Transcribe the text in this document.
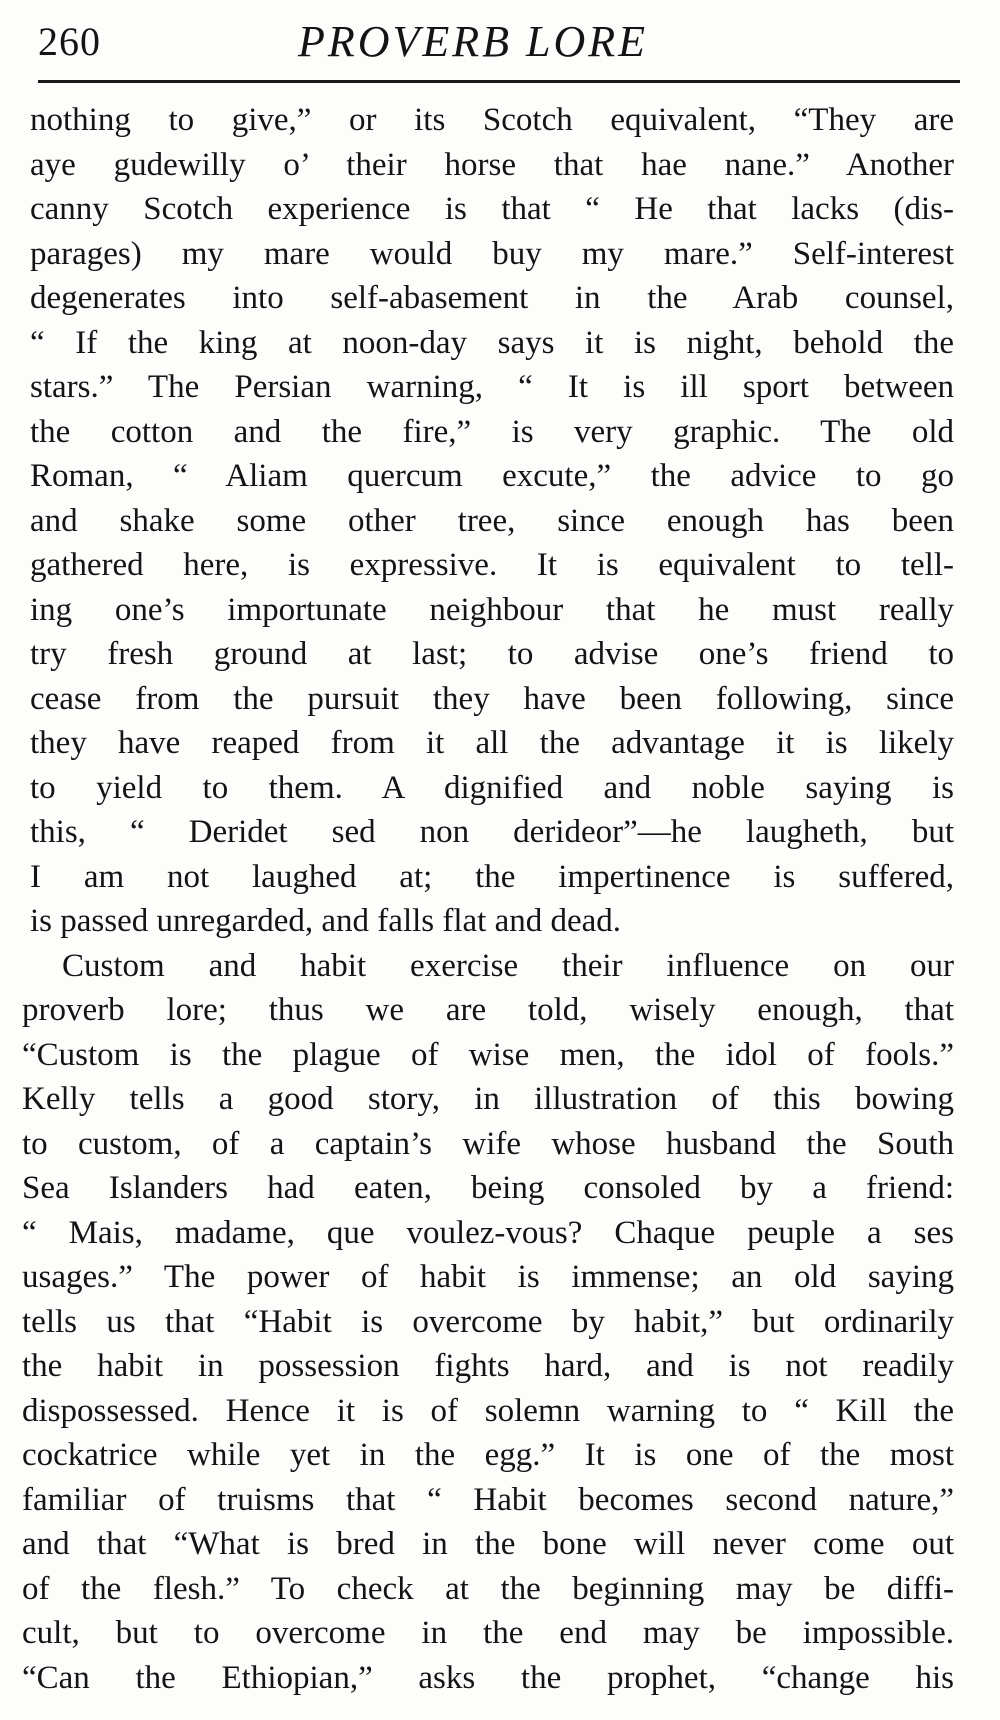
260	PROVERB LORE
nothing to give,” or its Scotch equivalent, “They are
aye gudewilly o’ their horse that hae nane.” Another
canny Scotch experience is that “ He that lacks (dis-
parages) my mare would buy my mare.” Self-interest
degenerates into self-abasement in the Arab counsel,
“ If the king at noon-day says it is night, behold the
stars.” The Persian warning, “ It is ill sport between
the cotton and the fire,” is very graphic. The old
Roman, “ Aliam quercum excute,” the advice to go
and shake some other tree, since enough has been
gathered here, is expressive. It is equivalent to tell-
ing one’s importunate neighbour that he must really
try fresh ground at last; to advise one’s friend to
cease from the pursuit they have been following, since
they have reaped from it all the advantage it is likely
to yield to them. A dignified and noble saying is
this, “ Deridet sed non derideor”—he laugheth, but
I am not laughed at; the impertinence is suffered,
is passed unregarded, and falls flat and dead.
Custom and habit exercise their influence on our
proverb lore; thus we are told, wisely enough, that
“Custom is the plague of wise men, the idol of fools.”
Kelly tells a good story, in illustration of this bowing
to custom, of a captain’s wife whose husband the South
Sea Islanders had eaten, being consoled by a friend:
“ Mais, madame, que voulez-vous? Chaque peuple a ses
usages.” The power of habit is immense; an old saying
tells us that “Habit is overcome by habit,” but ordinarily
the habit in possession fights hard, and is not readily
dispossessed. Hence it is of solemn warning to “ Kill the
cockatrice while yet in the egg.” It is one of the most
familiar of truisms that “ Habit becomes second nature,”
and that “What is bred in the bone will never come out
of the flesh.” To check at the beginning may be diffi-
cult, but to overcome in the end may be impossible.
“Can the Ethiopian,” asks the prophet, “change his
